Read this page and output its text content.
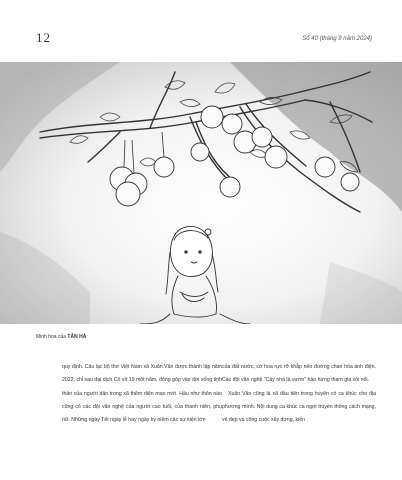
12	Số 40 (tháng 9 năm 2024)
Minh họa của TẤN HÀ

quy định. Câu lạc bộ thơ Việt Nam xã Xuân Vân được thành lập năm 2022, chỉ sau đại dịch Cô vít 19 một năm, đóng góp vào đời sống tinh thần của người dân trong xã thêm diện mạo mới. Hầu như thôn nào cũng có các đội văn nghệ của người cao tuổi, của thanh niên, phụ nữ. Những ngày Tết ngày lễ hay ngày kỷ niệm các sự kiện lớn

của đất nước, cờ hoa rực rỡ khắp nẻo đường chan hòa ánh điện. Các đội văn nghệ "Cây nhà lá vườn" hào hứng tham gia sôi nổi.

Xuân Vân cũng là xã đầu tiên trong huyện có ca khúc cho địa phương mình. Nội dung ca khúc ca ngợi truyền thống cách mạng, vẻ đẹp và công cuộc xây dựng, kiến
